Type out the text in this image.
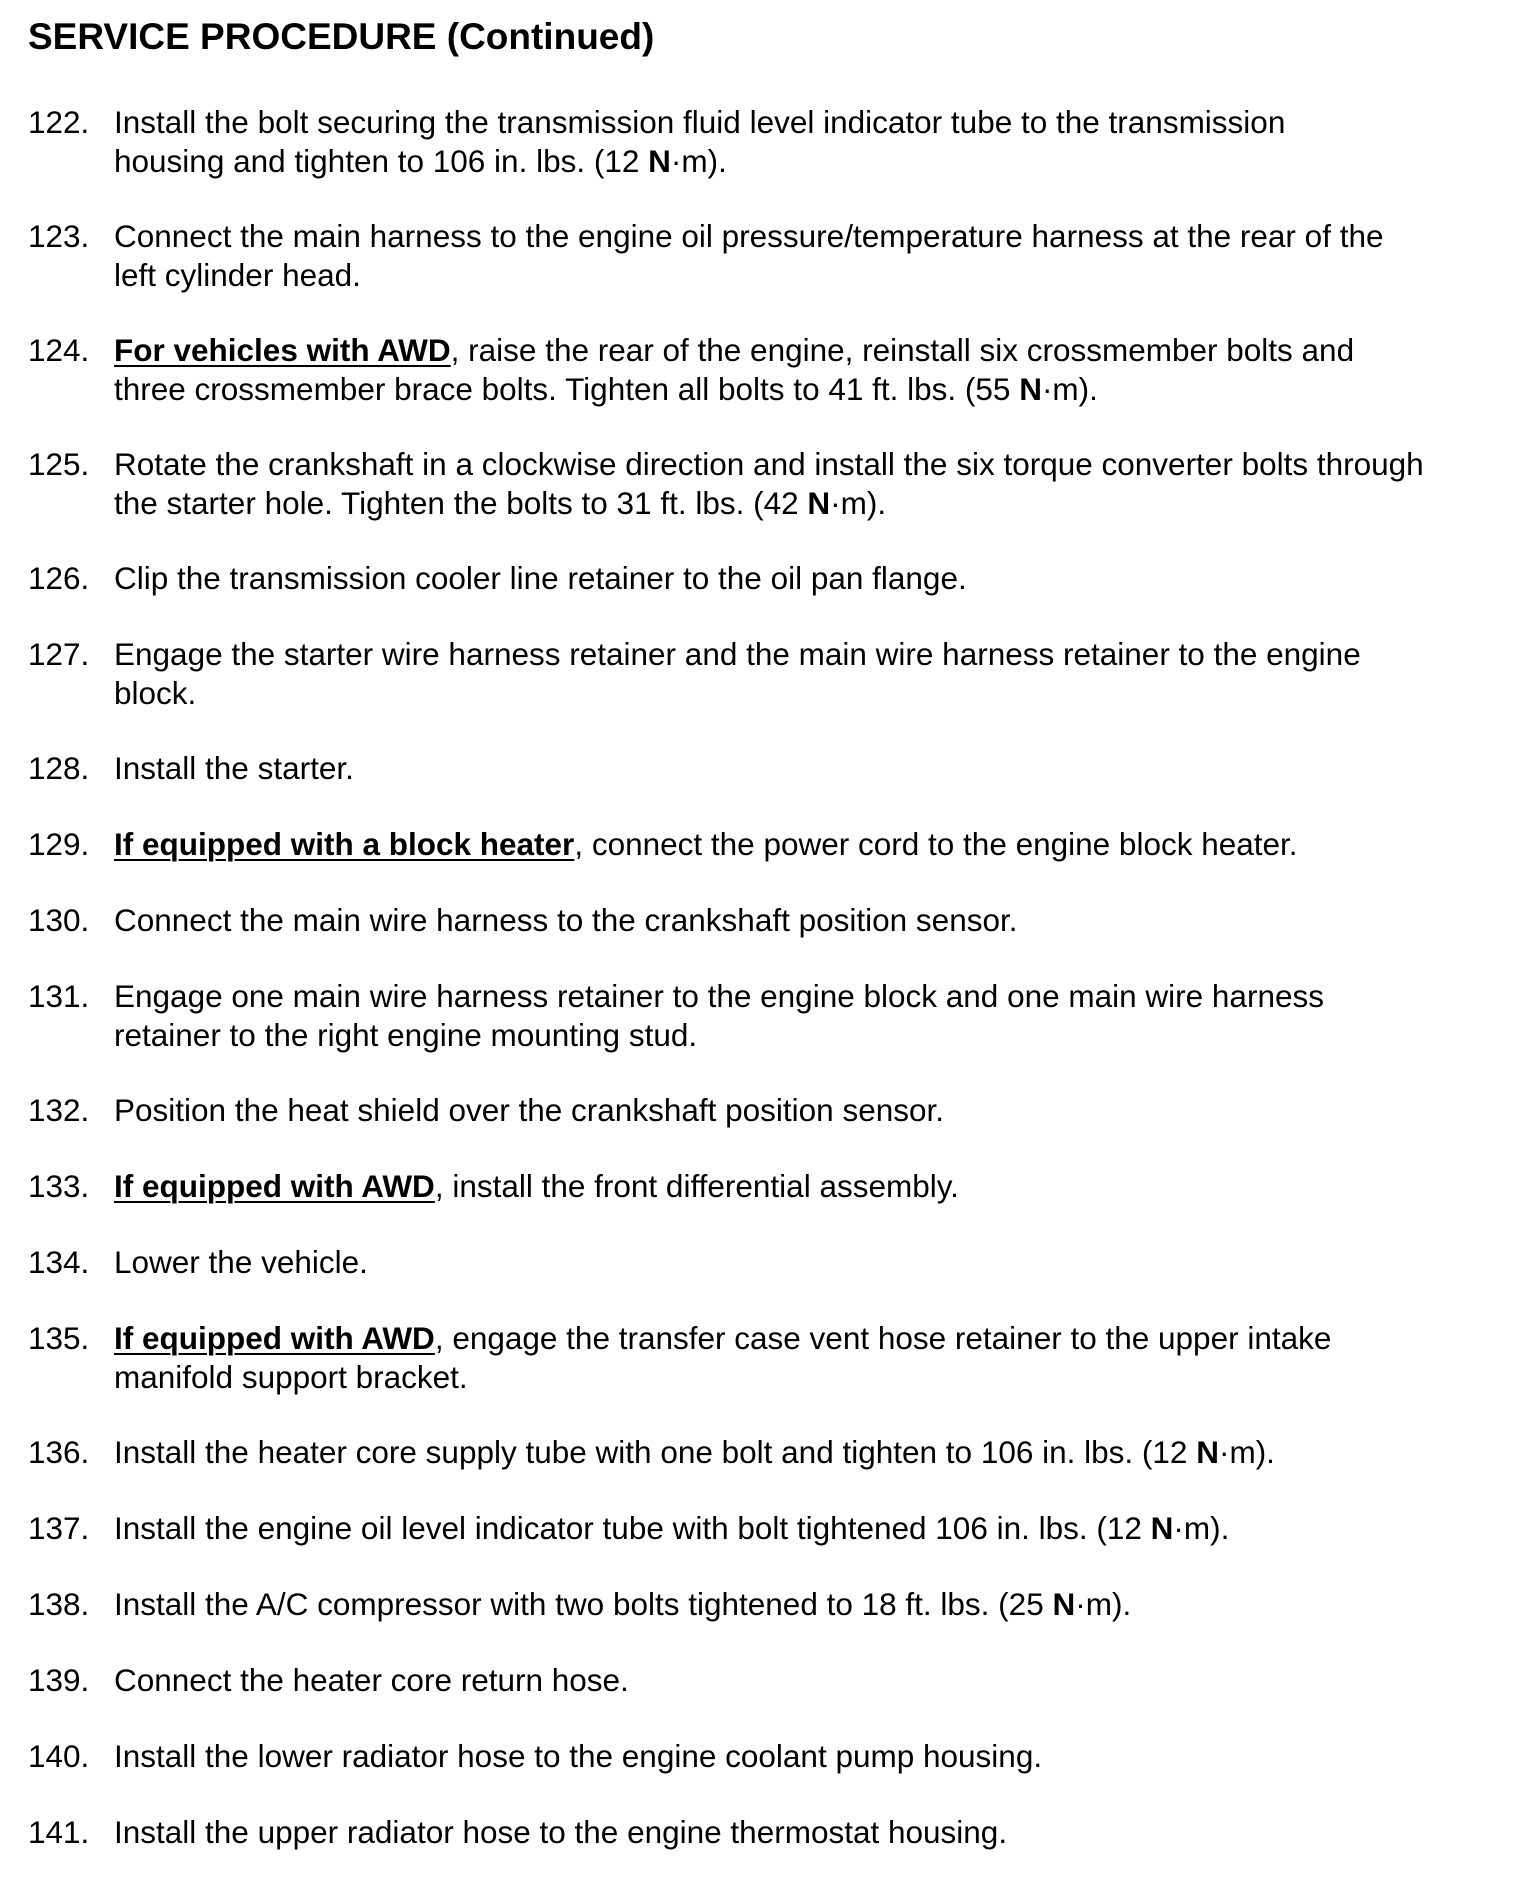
SERVICE PROCEDURE (Continued)
122. Install the bolt securing the transmission fluid level indicator tube to the transmission
housing and tighten to 106 in. lbs. (12 N·m).
123. Connect the main harness to the engine oil pressure/temperature harness at the rear of the
left cylinder head.
124. For vehicles with AWD, raise the rear of the engine, reinstall six crossmember bolts and
three crossmember brace bolts. Tighten all bolts to 41 ft. lbs. (55 N·m).
125. Rotate the crankshaft in a clockwise direction and install the six torque converter bolts through
the starter hole. Tighten the bolts to 31 ft. lbs. (42 N·m).
126. Clip the transmission cooler line retainer to the oil pan flange.
127. Engage the starter wire harness retainer and the main wire harness retainer to the engine
block.
128. Install the starter.
129. If equipped with a block heater, connect the power cord to the engine block heater.
130. Connect the main wire harness to the crankshaft position sensor.
131. Engage one main wire harness retainer to the engine block and one main wire harness
retainer to the right engine mounting stud.
132. Position the heat shield over the crankshaft position sensor.
133. If equipped with AWD, install the front differential assembly.
134. Lower the vehicle.
135. If equipped with AWD, engage the transfer case vent hose retainer to the upper intake
manifold support bracket.
136. Install the heater core supply tube with one bolt and tighten to 106 in. lbs. (12 N·m).
137. Install the engine oil level indicator tube with bolt tightened 106 in. lbs. (12 N·m).
138. Install the A/C compressor with two bolts tightened to 18 ft. lbs. (25 N·m).
139. Connect the heater core return hose.
140. Install the lower radiator hose to the engine coolant pump housing.
141. Install the upper radiator hose to the engine thermostat housing.
